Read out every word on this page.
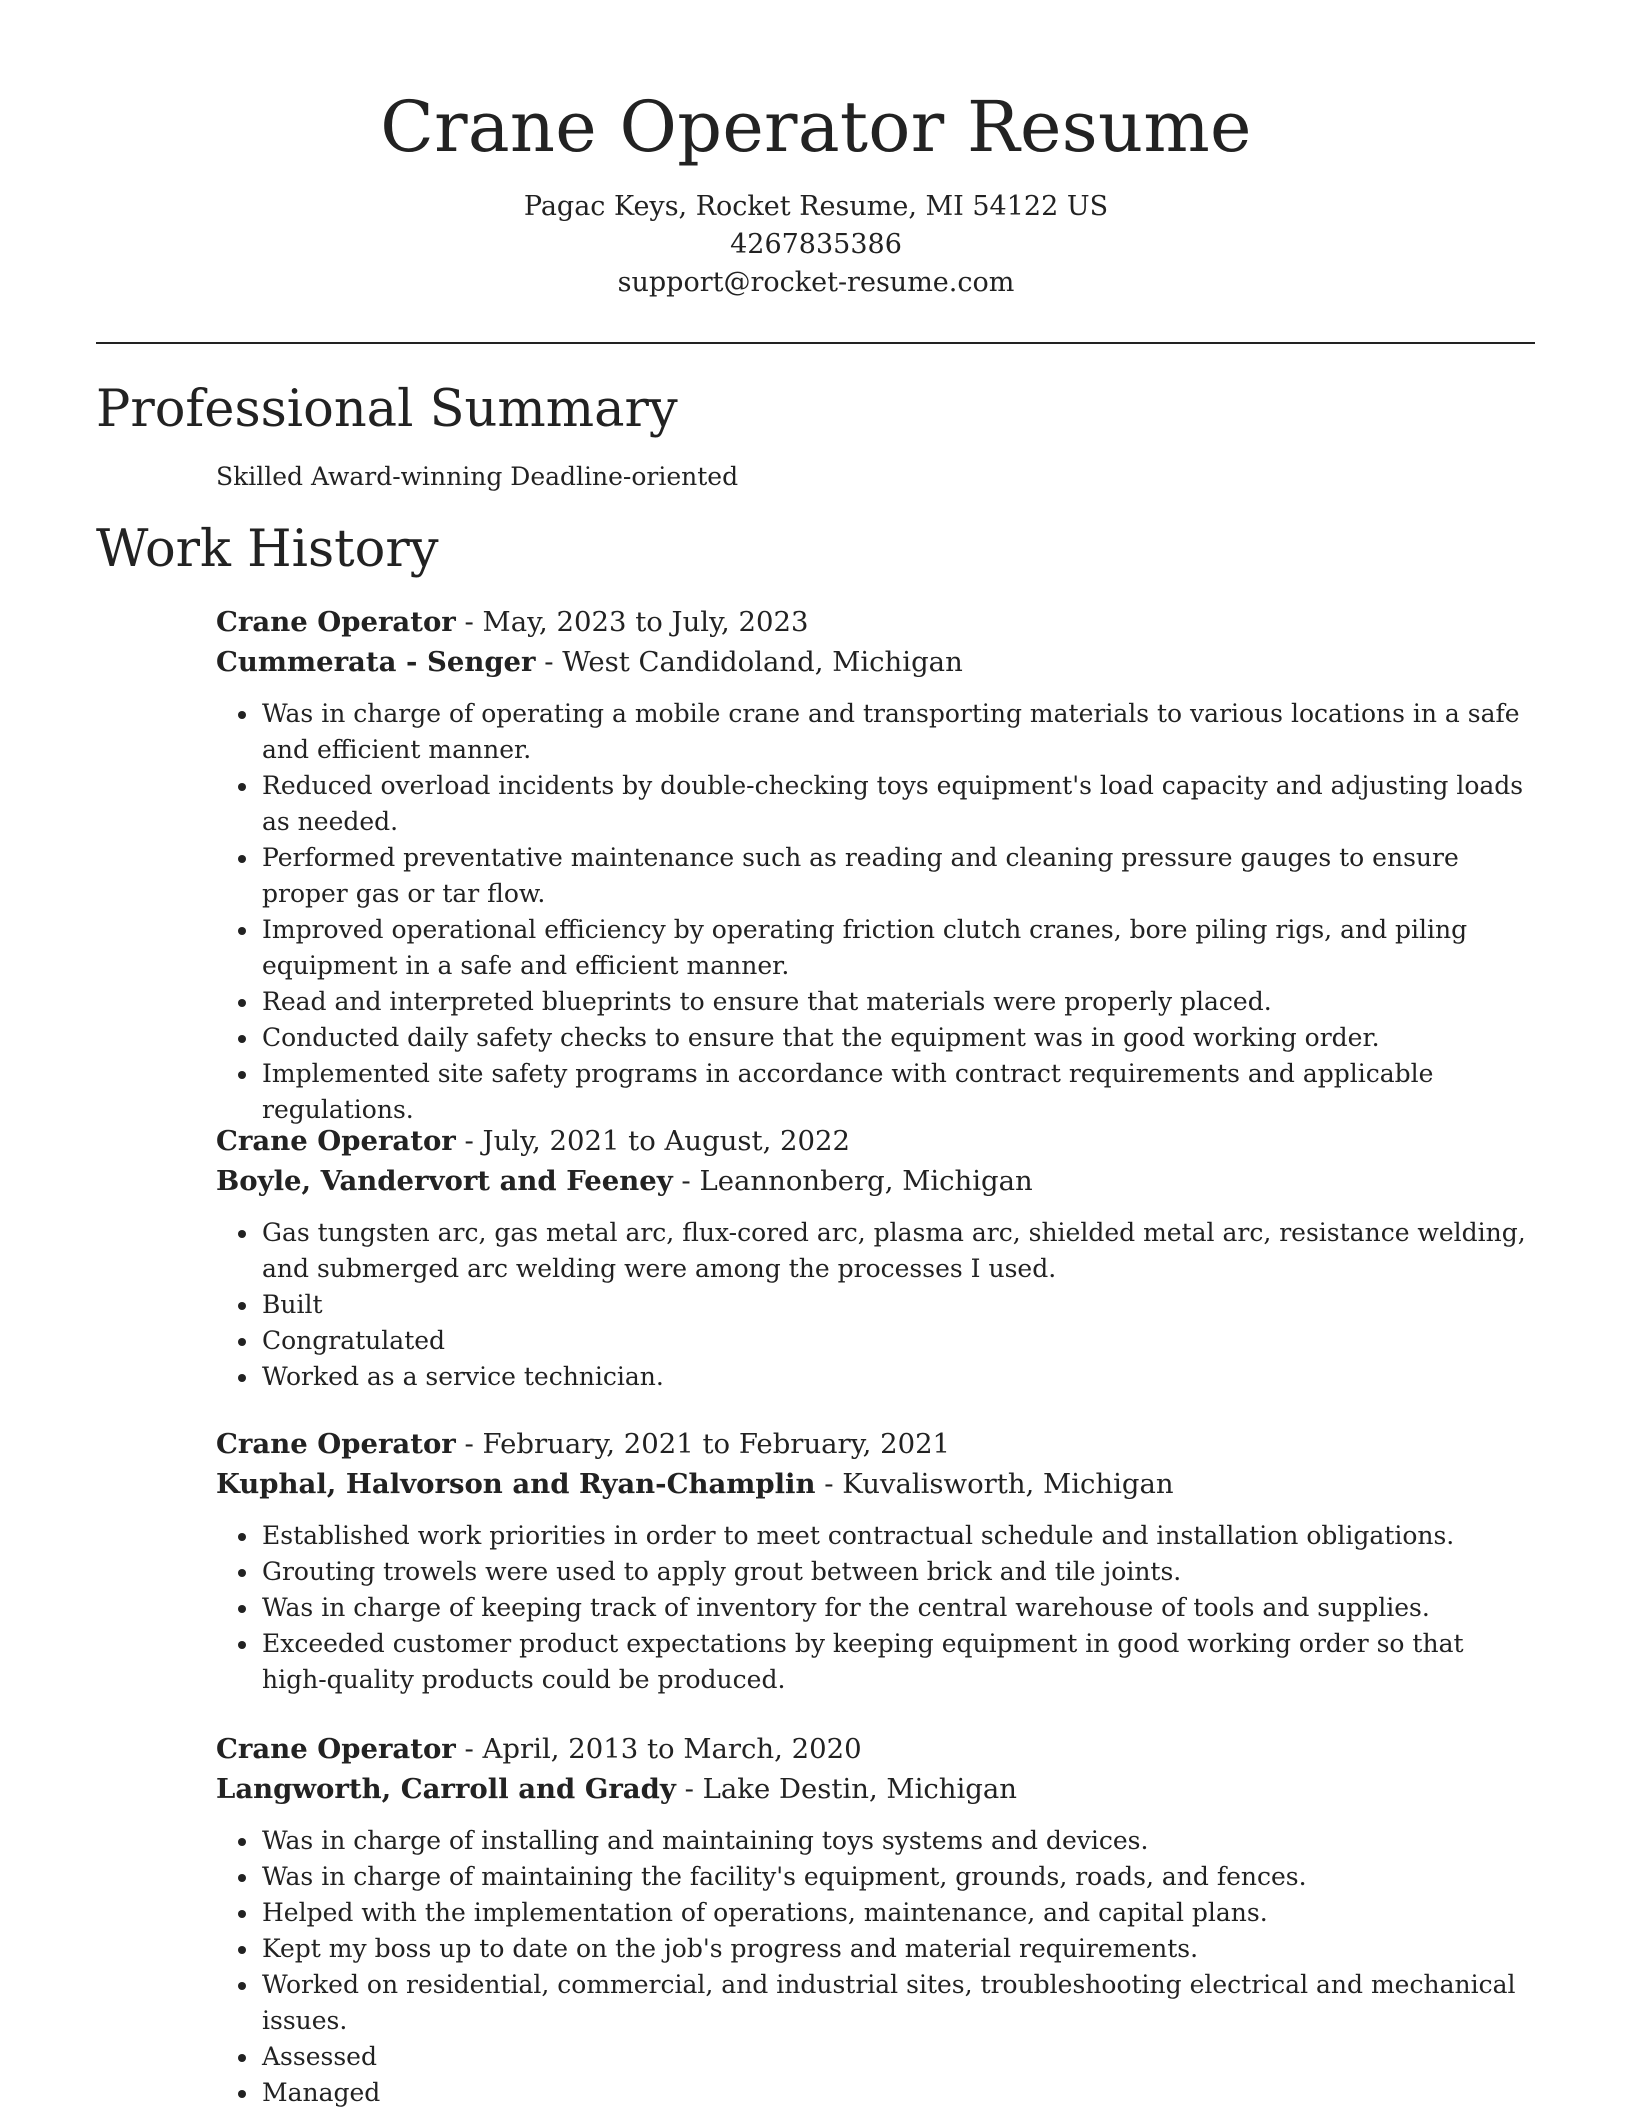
Crane Operator Resume
Pagac Keys, Rocket Resume, MI 54122 US
4267835386
support@rocket-resume.com
Professional Summary
Skilled Award-winning Deadline-oriented
Work History
Crane Operator - May, 2023 to July, 2023
Cummerata - Senger - West Candidoland, Michigan
• Was in charge of operating a mobile crane and transporting materials to various locations in a safe and efficient manner.
• Reduced overload incidents by double-checking toys equipment's load capacity and adjusting loads as needed.
• Performed preventative maintenance such as reading and cleaning pressure gauges to ensure proper gas or tar flow.
• Improved operational efficiency by operating friction clutch cranes, bore piling rigs, and piling equipment in a safe and efficient manner.
• Read and interpreted blueprints to ensure that materials were properly placed.
• Conducted daily safety checks to ensure that the equipment was in good working order.
• Implemented site safety programs in accordance with contract requirements and applicable regulations.
Crane Operator - July, 2021 to August, 2022
Boyle, Vandervort and Feeney - Leannonberg, Michigan
• Gas tungsten arc, gas metal arc, flux-cored arc, plasma arc, shielded metal arc, resistance welding, and submerged arc welding were among the processes I used.
• Built
• Congratulated
• Worked as a service technician.
Crane Operator - February, 2021 to February, 2021
Kuphal, Halvorson and Ryan-Champlin - Kuvalisworth, Michigan
• Established work priorities in order to meet contractual schedule and installation obligations.
• Grouting trowels were used to apply grout between brick and tile joints.
• Was in charge of keeping track of inventory for the central warehouse of tools and supplies.
• Exceeded customer product expectations by keeping equipment in good working order so that high-quality products could be produced.
Crane Operator - April, 2013 to March, 2020
Langworth, Carroll and Grady - Lake Destin, Michigan
• Was in charge of installing and maintaining toys systems and devices.
• Was in charge of maintaining the facility's equipment, grounds, roads, and fences.
• Helped with the implementation of operations, maintenance, and capital plans.
• Kept my boss up to date on the job's progress and material requirements.
• Worked on residential, commercial, and industrial sites, troubleshooting electrical and mechanical issues.
• Assessed
• Managed
